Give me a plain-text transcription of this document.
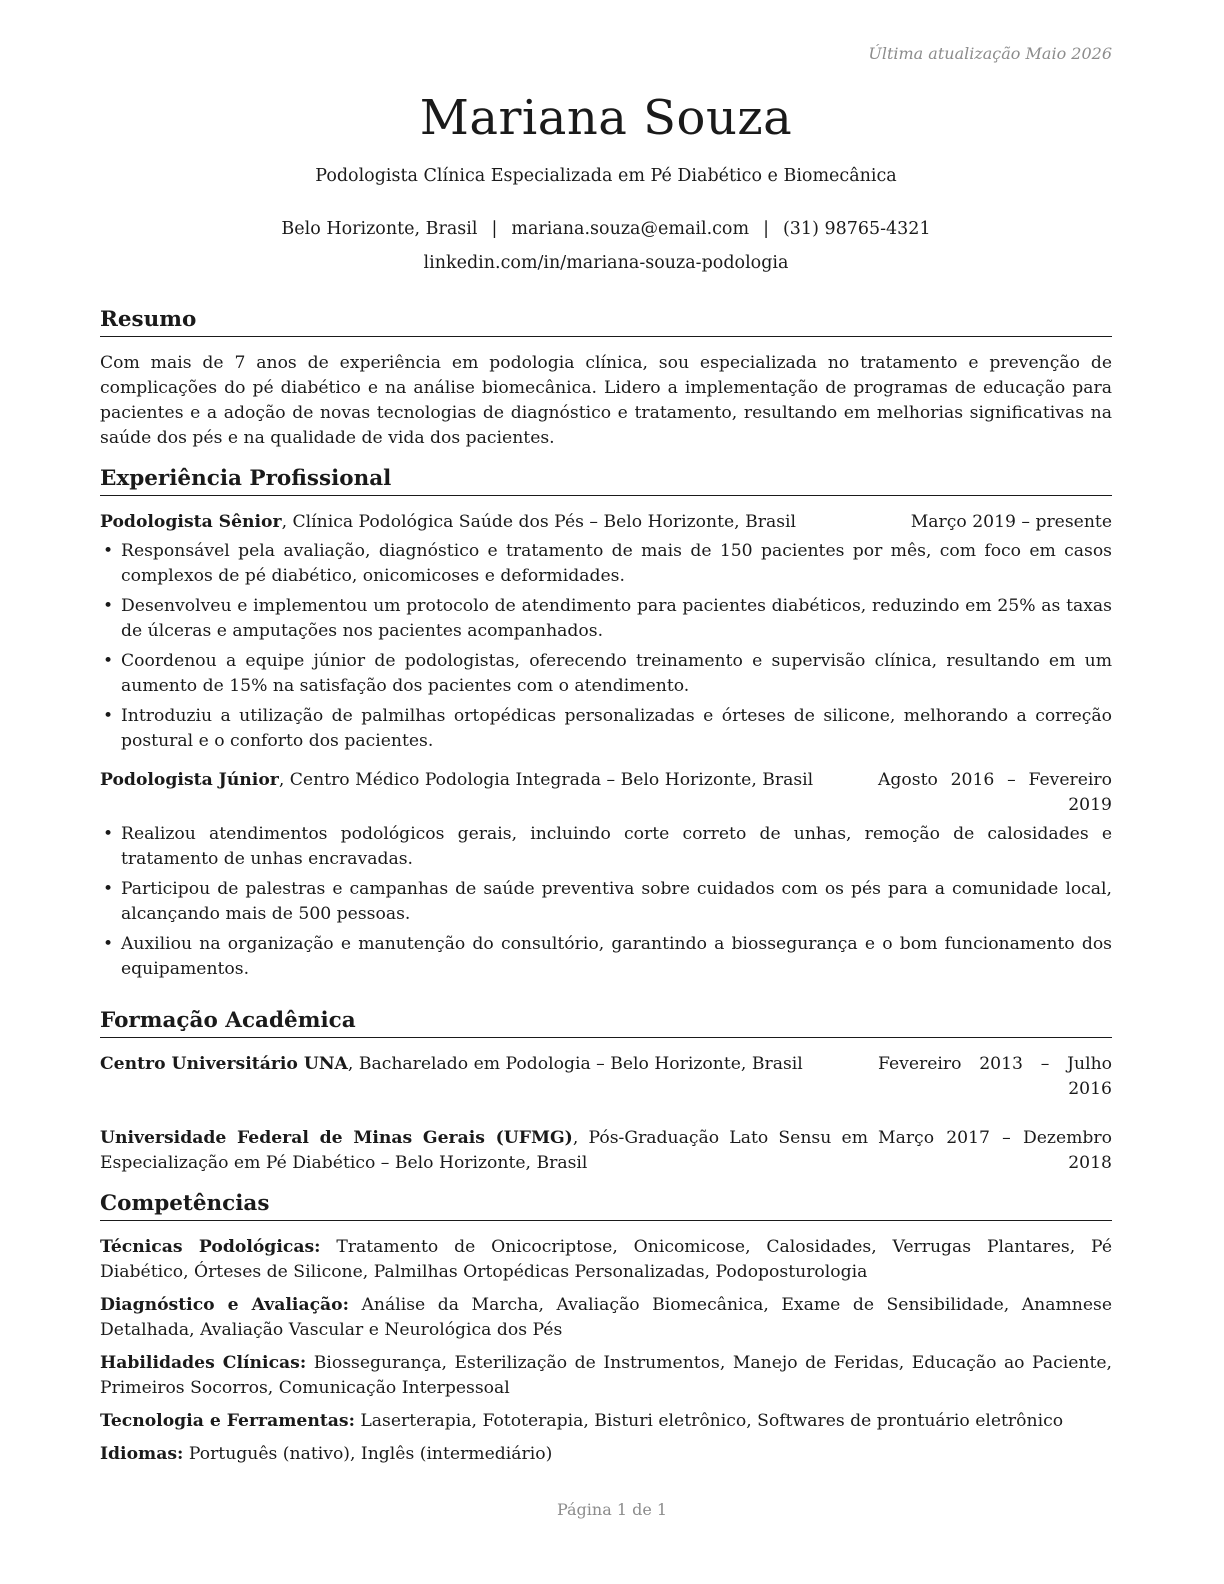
Última atualização Maio 2026
Mariana Souza
Podologista Clínica Especializada em Pé Diabético e Biomecânica
Belo Horizonte, Brasil | mariana.souza@email.com | (31) 98765-4321
linkedin.com/in/mariana-souza-podologia
Resumo

Com mais de 7 anos de experiência em podologia clínica, sou especializada no tratamento e prevenção de complicações do pé diabético e na análise biomecânica. Lidero a implementação de programas de educação para pacientes e a adoção de novas tecnologias de diagnóstico e tratamento, resultando em melhorias significativas na saúde dos pés e na qualidade de vida dos pacientes.

Experiência Profissional
Podologista Sênior, Clínica Podológica Saúde dos Pés – Belo Horizonte, Brasil	Março 2019 – presente
• Responsável pela avaliação, diagnóstico e tratamento de mais de 150 pacientes por mês, com foco em casos complexos de pé diabético, onicomicoses e deformidades.
• Desenvolveu e implementou um protocolo de atendimento para pacientes diabéticos, reduzindo em 25% as taxas de úlceras e amputações nos pacientes acompanhados.
• Coordenou a equipe júnior de podologistas, oferecendo treinamento e supervisão clínica, resultando em um aumento de 15% na satisfação dos pacientes com o atendimento.
• Introduziu a utilização de palmilhas ortopédicas personalizadas e órteses de silicone, melhorando a correção postural e o conforto dos pacientes.
Podologista Júnior, Centro Médico Podologia Integrada – Belo Horizonte, Brasil	Agosto 2016 – Fevereiro 2019
• Realizou atendimentos podológicos gerais, incluindo corte correto de unhas, remoção de calosidades e tratamento de unhas encravadas.
• Participou de palestras e campanhas de saúde preventiva sobre cuidados com os pés para a comunidade local, alcançando mais de 500 pessoas.
• Auxiliou na organização e manutenção do consultório, garantindo a biossegurança e o bom funcionamento dos equipamentos.
Formação Acadêmica
Centro Universitário UNA, Bacharelado em Podologia – Belo Horizonte, Brasil	Fevereiro 2013 – Julho 2016
Universidade Federal de Minas Gerais (UFMG), Pós-Graduação Lato Sensu em Especialização em Pé Diabético – Belo Horizonte, Brasil
Março 2017 – Dezembro 2018
Competências

Técnicas Podológicas: Tratamento de Onicocriptose, Onicomicose, Calosidades, Verrugas Plantares, Pé Diabético, Órteses de Silicone, Palmilhas Ortopédicas Personalizadas, Podoposturologia

Diagnóstico e Avaliação: Análise da Marcha, Avaliação Biomecânica, Exame de Sensibilidade, Anamnese Detalhada, Avaliação Vascular e Neurológica dos Pés

Habilidades Clínicas: Biossegurança, Esterilização de Instrumentos, Manejo de Feridas, Educação ao Paciente, Primeiros Socorros, Comunicação Interpessoal

Tecnologia e Ferramentas: Laserterapia, Fototerapia, Bisturi eletrônico, Softwares de prontuário eletrônico

Idiomas: Português (nativo), Inglês (intermediário)

Página 1 de 1
